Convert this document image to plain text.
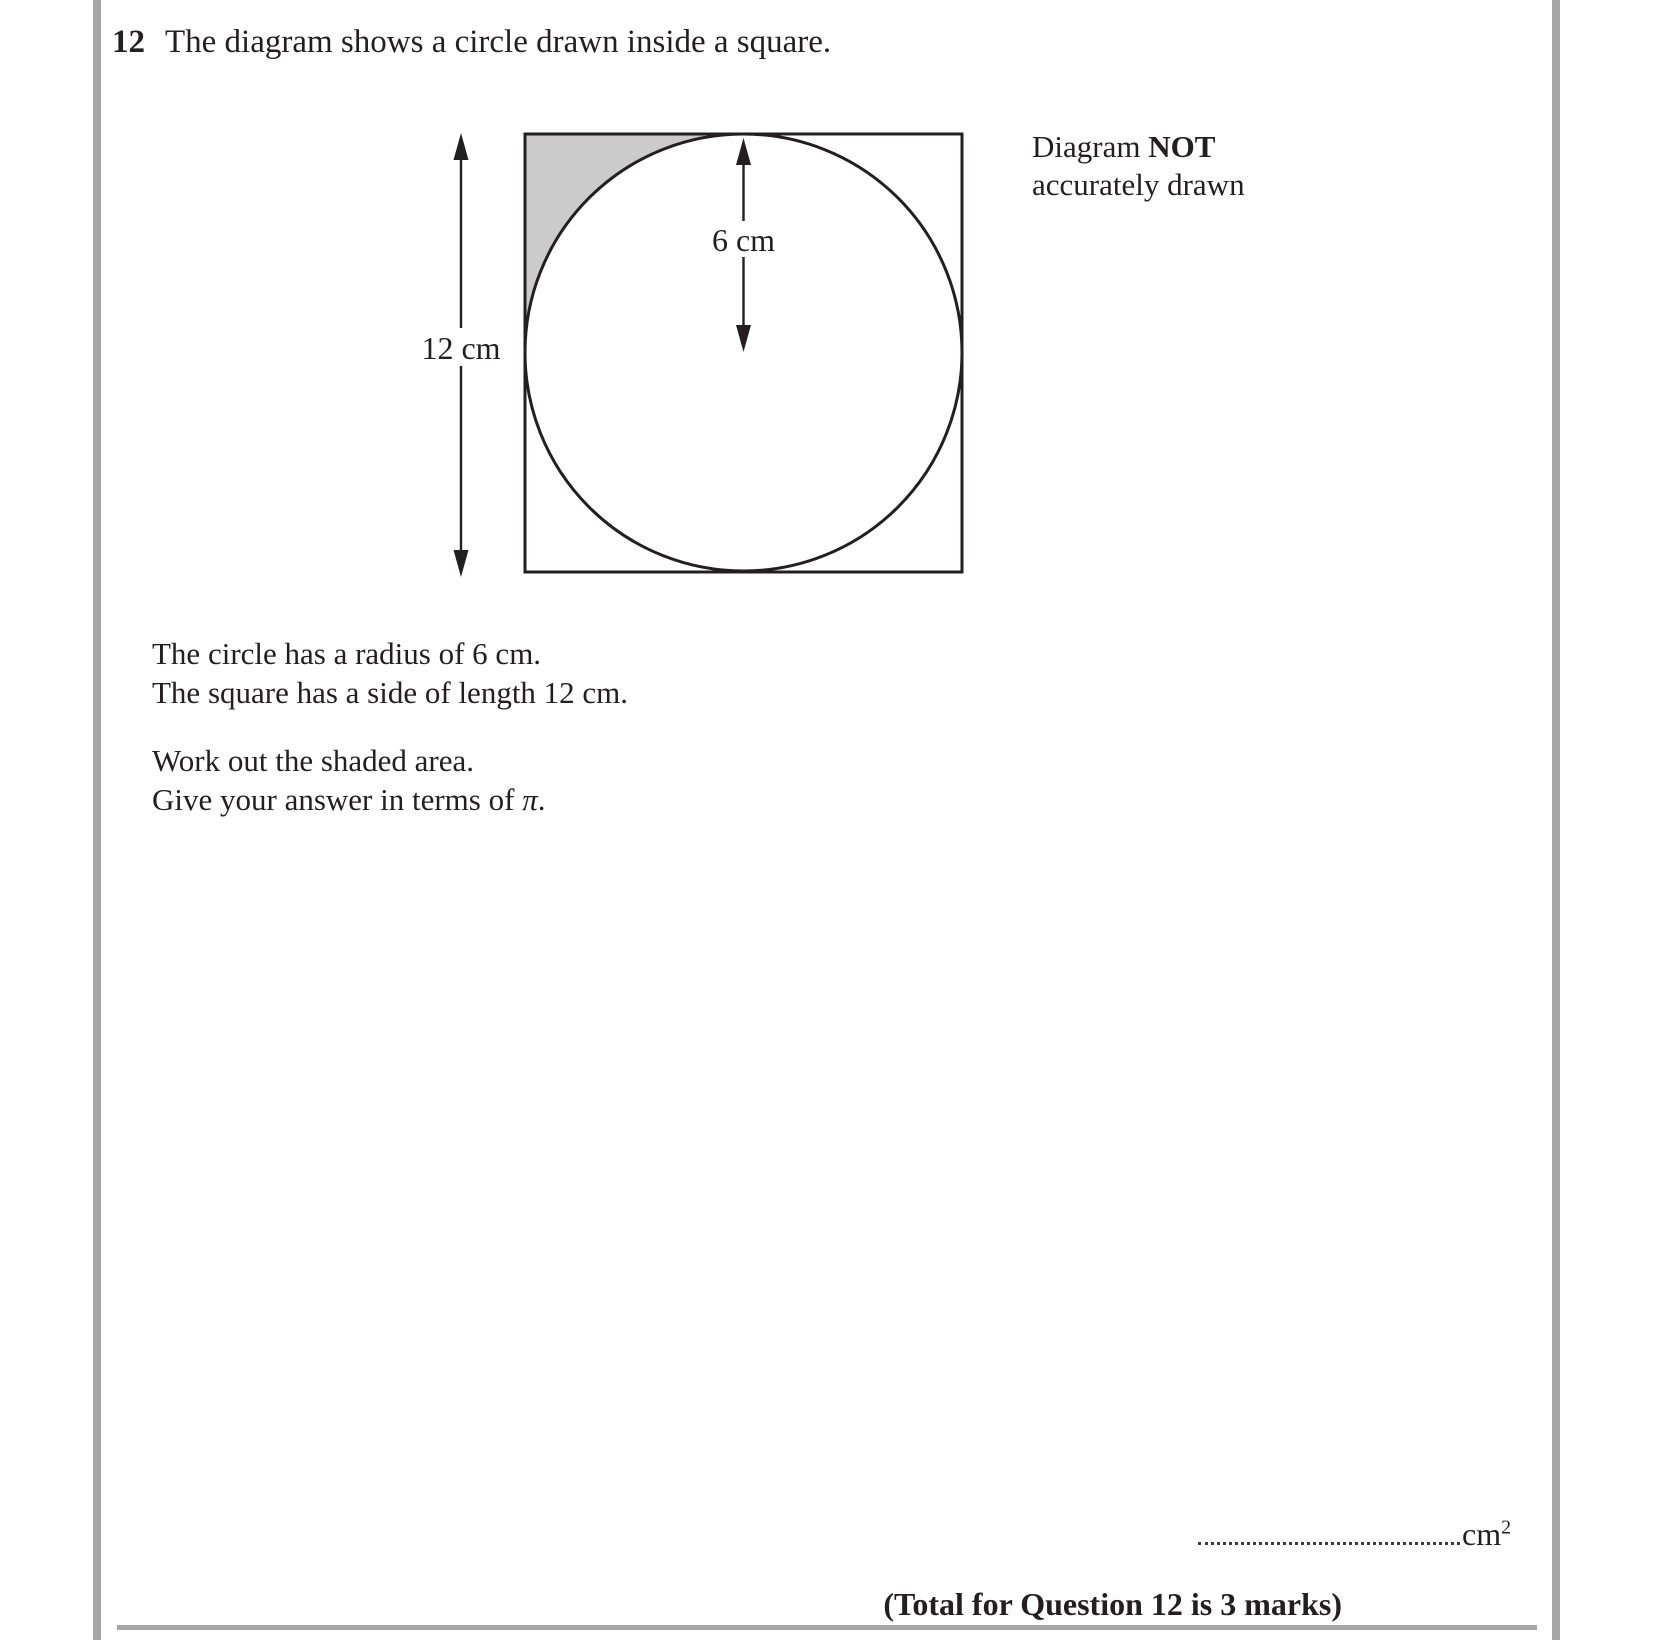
12 The diagram shows a circle drawn inside a square.
12 cm
6 cm
Diagram NOT
accurately drawn
The circle has a radius of 6 cm.
The square has a side of length 12 cm.
Work out the shaded area.
Give your answer in terms of π.
$cm^2$
(Total for Question 12 is 3 marks)
